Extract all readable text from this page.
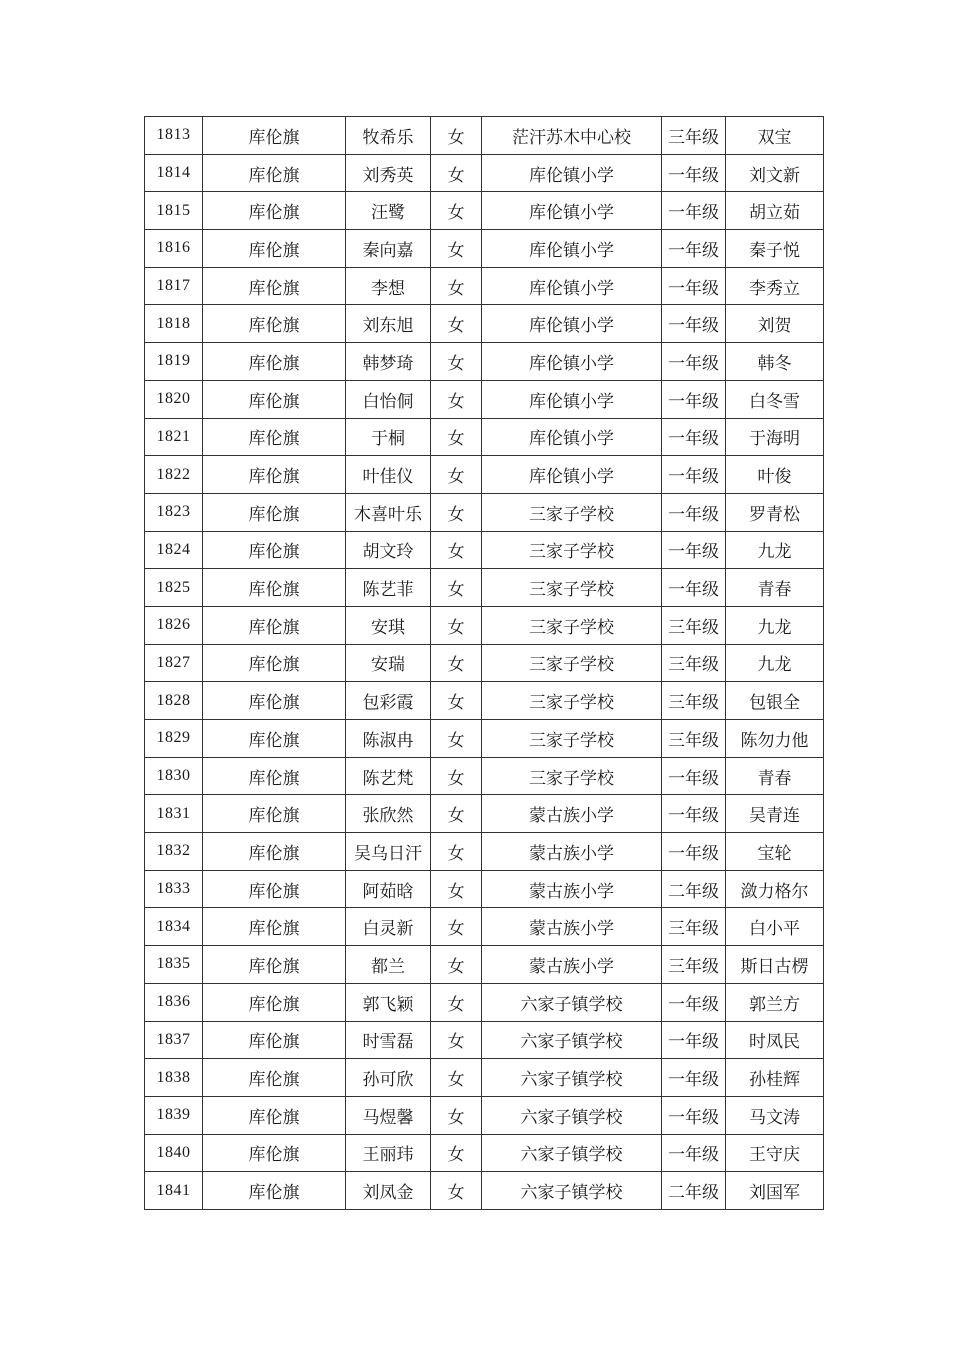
1813	库伦旗	牧希乐	女	茫汗苏木中心校	三年级	双宝
1814	库伦旗	刘秀英	女	库伦镇小学	一年级	刘文新
1815	库伦旗	汪鹭	女	库伦镇小学	一年级	胡立茹
1816	库伦旗	秦向嘉	女	库伦镇小学	一年级	秦子悦
1817	库伦旗	李想	女	库伦镇小学	一年级	李秀立
1818	库伦旗	刘东旭	女	库伦镇小学	一年级	刘贺
1819	库伦旗	韩梦琦	女	库伦镇小学	一年级	韩冬
1820	库伦旗	白怡侗	女	库伦镇小学	一年级	白冬雪
1821	库伦旗	于桐	女	库伦镇小学	一年级	于海明
1822	库伦旗	叶佳仪	女	库伦镇小学	一年级	叶俊
1823	库伦旗	木喜叶乐	女	三家子学校	一年级	罗青松
1824	库伦旗	胡文玲	女	三家子学校	一年级	九龙
1825	库伦旗	陈艺菲	女	三家子学校	一年级	青春
1826	库伦旗	安琪	女	三家子学校	三年级	九龙
1827	库伦旗	安瑞	女	三家子学校	三年级	九龙
1828	库伦旗	包彩霞	女	三家子学校	三年级	包银全
1829	库伦旗	陈淑冉	女	三家子学校	三年级	陈勿力他
1830	库伦旗	陈艺梵	女	三家子学校	一年级	青春
1831	库伦旗	张欣然	女	蒙古族小学	一年级	吴青连
1832	库伦旗	吴乌日汗	女	蒙古族小学	一年级	宝轮
1833	库伦旗	阿茹晗	女	蒙古族小学	二年级	潋力格尔
1834	库伦旗	白灵新	女	蒙古族小学	三年级	白小平
1835	库伦旗	都兰	女	蒙古族小学	三年级	斯日古楞
1836	库伦旗	郭飞颖	女	六家子镇学校	一年级	郭兰方
1837	库伦旗	时雪磊	女	六家子镇学校	一年级	时凤民
1838	库伦旗	孙可欣	女	六家子镇学校	一年级	孙桂辉
1839	库伦旗	马煜馨	女	六家子镇学校	一年级	马文涛
1840	库伦旗	王丽玮	女	六家子镇学校	一年级	王守庆
1841	库伦旗	刘凤金	女	六家子镇学校	二年级	刘国军
